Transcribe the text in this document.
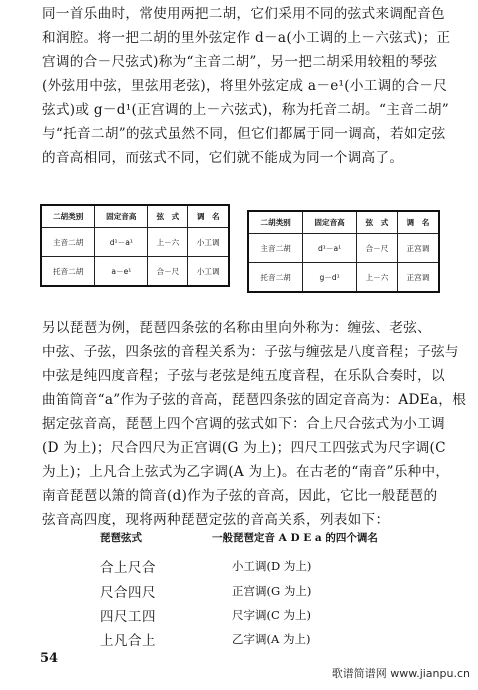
同一首乐曲时，常使用两把二胡，它们采用不同的弦式来调配音色
和润腔。将一把二胡的里外弦定作 d－a(小工调的上－六弦式)；正
宫调的合－尺弦式)称为“主音二胡”，另一把二胡采用较粗的琴弦
(外弦用中弦，里弦用老弦)，将里外弦定成 a－e¹(小工调的合－尺
弦式)或 g－d¹(正宫调的上－六弦式)，称为托音二胡。“主音二胡”
与“托音二胡”的弦式虽然不同，但它们都属于同一调高，若如定弦
的音高相同，而弦式不同，它们就不能成为同一个调高了。
二胡类别	固定音高	弦　式	调　名
主音二胡	d¹－a¹	上－六	小工调
托音二胡	a－e¹	合－尺	小工调
二胡类别	固定音高	弦　式	调　名
主音二胡	d¹－a¹	合－尺	正宫调
托音二胡	g－d¹	上－六	正宫调
另以琵琶为例，琵琶四条弦的名称由里向外称为：缠弦、老弦、
中弦、子弦，四条弦的音程关系为：子弦与缠弦是八度音程；子弦与
中弦是纯四度音程；子弦与老弦是纯五度音程，在乐队合奏时，以
曲笛筒音“a”作为子弦的音高，琵琶四条弦的固定音高为：ADEa，根
据定弦音高，琵琶上四个宫调的弦式如下：合上尺合弦式为小工调
(D 为上)；尺合四尺为正宫调(G 为上)；四尺工四弦式为尺字调(C
为上)；上凡合上弦式为乙字调(A 为上)。在古老的“南音”乐种中，
南音琵琶以箫的筒音(d)作为子弦的音高，因此，它比一般琵琶的
弦音高四度，现将两种琵琶定弦的音高关系，列表如下：
琵琶弦式	一般琵琶定音 A D E a 的四个调名
合上尺合	小工调(D 为上)
尺合四尺	正宫调(G 为上)
四尺工四	尺字调(C 为上)
上凡合上	乙字调(A 为上)
54
歌谱简谱网 www.jianpu.cn
